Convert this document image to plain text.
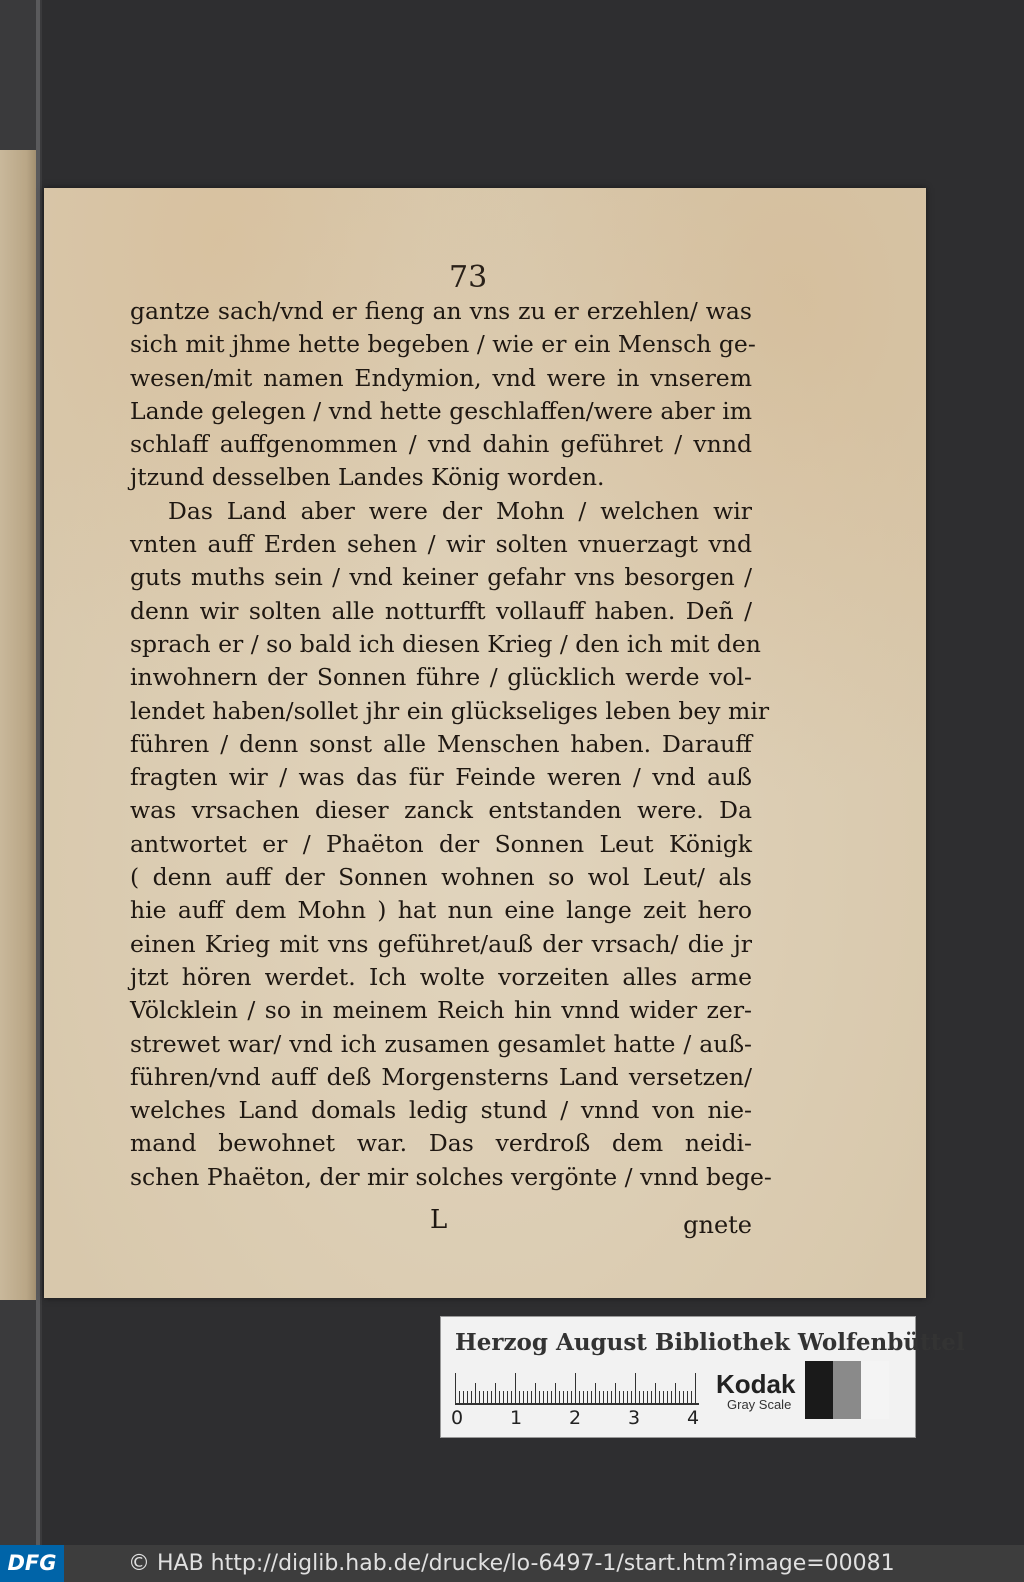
73
gantze sach/vnd er fieng an vns zu er erzehlen/ was
sich mit jhme hette begeben / wie er ein Mensch ge-
wesen/mit namen Endymion, vnd were in vnserem
Lande gelegen / vnd hette geschlaffen/were aber im
schlaff auffgenommen / vnd dahin geführet / vnnd
jtzund desselben Landes König worden.
Das Land aber were der Mohn / welchen wir
vnten auff Erden sehen / wir solten vnuerzagt vnd
guts muths sein / vnd keiner gefahr vns besorgen /
denn wir solten alle notturfft vollauff haben. Deñ /
sprach er / so bald ich diesen Krieg / den ich mit den
inwohnern der Sonnen führe / glücklich werde vol-
lendet haben/sollet jhr ein glückseliges leben bey mir
führen / denn sonst alle Menschen haben. Darauff
fragten wir / was das für Feinde weren / vnd auß
was vrsachen dieser zanck entstanden were. Da
antwortet er / Phaëton der Sonnen Leut Königk
( denn auff der Sonnen wohnen so wol Leut/ als
hie auff dem Mohn ) hat nun eine lange zeit hero
einen Krieg mit vns geführet/auß der vrsach/ die jr
jtzt hören werdet. Ich wolte vorzeiten alles arme
Völcklein / so in meinem Reich hin vnnd wider zer-
strewet war/ vnd ich zusamen gesamlet hatte / auß-
führen/vnd auff deß Morgensterns Land versetzen/
welches Land domals ledig stund / vnnd von nie-
mand bewohnet war. Das verdroß dem neidi-
schen Phaëton, der mir solches vergönte / vnnd bege-
L	gnete
Herzog August Bibliothek Wolfenbüttel
0 1 2 3 4
Kodak
Gray Scale
DFG	© HAB http://diglib.hab.de/drucke/lo-6497-1/start.htm?image=00081
